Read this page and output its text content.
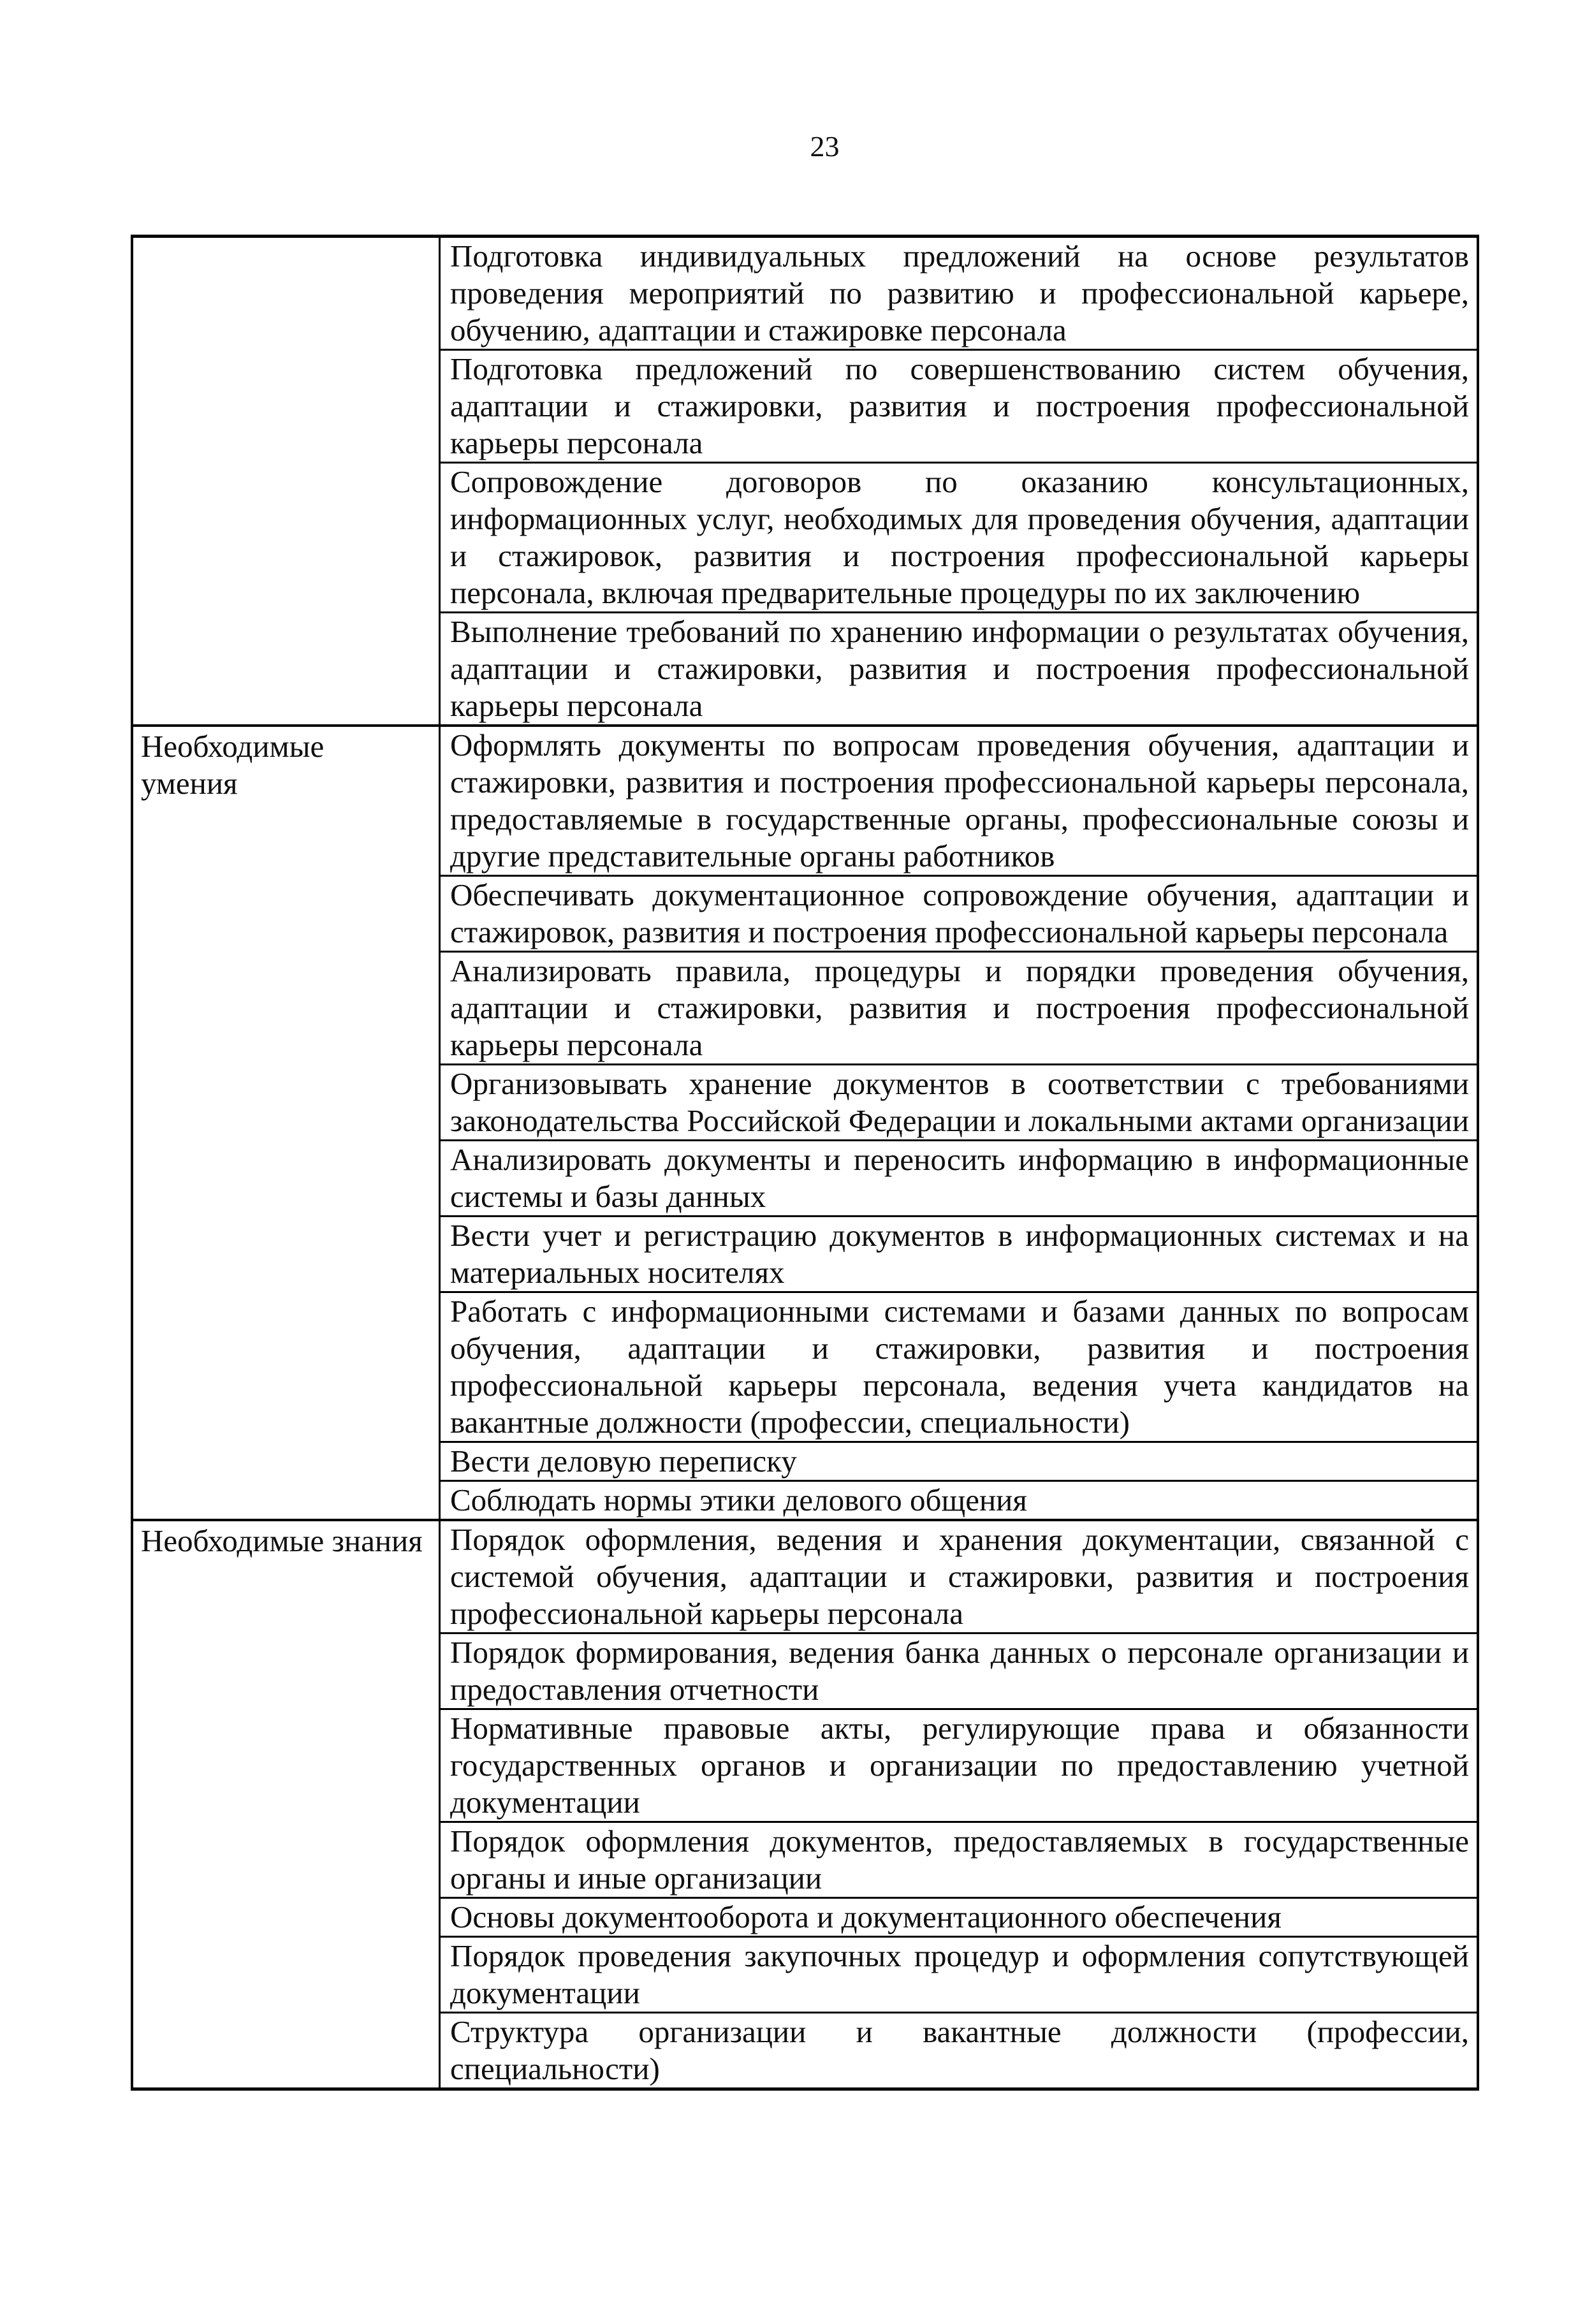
23
Подготовка индивидуальных предложений на основе результатов проведения мероприятий по развитию и профессиональной карьере, обучению, адаптации и стажировке персонала
Подготовка предложений по совершенствованию систем обучения, адаптации и стажировки, развития и построения профессиональной карьеры персонала
Сопровождение договоров по оказанию консультационных, информационных услуг, необходимых для проведения обучения, адаптации и стажировок, развития и построения профессиональной карьеры персонала, включая предварительные процедуры по их заключению
Выполнение требований по хранению информации о результатах обучения, адаптации и стажировки, развития и построения профессиональной карьеры персонала
Необходимые умения
Оформлять документы по вопросам проведения обучения, адаптации и стажировки, развития и построения профессиональной карьеры персонала, предоставляемые в государственные органы, профессиональные союзы и другие представительные органы работников
Обеспечивать документационное сопровождение обучения, адаптации и стажировок, развития и построения профессиональной карьеры персонала
Анализировать правила, процедуры и порядки проведения обучения, адаптации и стажировки, развития и построения профессиональной карьеры персонала
Организовывать хранение документов в соответствии с требованиями законодательства Российской Федерации и локальными актами организации
Анализировать документы и переносить информацию в информационные системы и базы данных
Вести учет и регистрацию документов в информационных системах и на материальных носителях
Работать с информационными системами и базами данных по вопросам обучения, адаптации и стажировки, развития и построения профессиональной карьеры персонала, ведения учета кандидатов на вакантные должности (профессии, специальности)
Вести деловую переписку
Соблюдать нормы этики делового общения
Необходимые знания Порядок оформления, ведения и хранения документации, связанной с системой обучения, адаптации и стажировки, развития и построения профессиональной карьеры персонала
Порядок формирования, ведения банка данных о персонале организации и предоставления отчетности
Нормативные правовые акты, регулирующие права и обязанности государственных органов и организации по предоставлению учетной документации
Порядок оформления документов, предоставляемых в государственные органы и иные организации
Основы документооборота и документационного обеспечения
Порядок проведения закупочных процедур и оформления сопутствующей документации
Структура организации и вакантные должности (профессии, специальности)
